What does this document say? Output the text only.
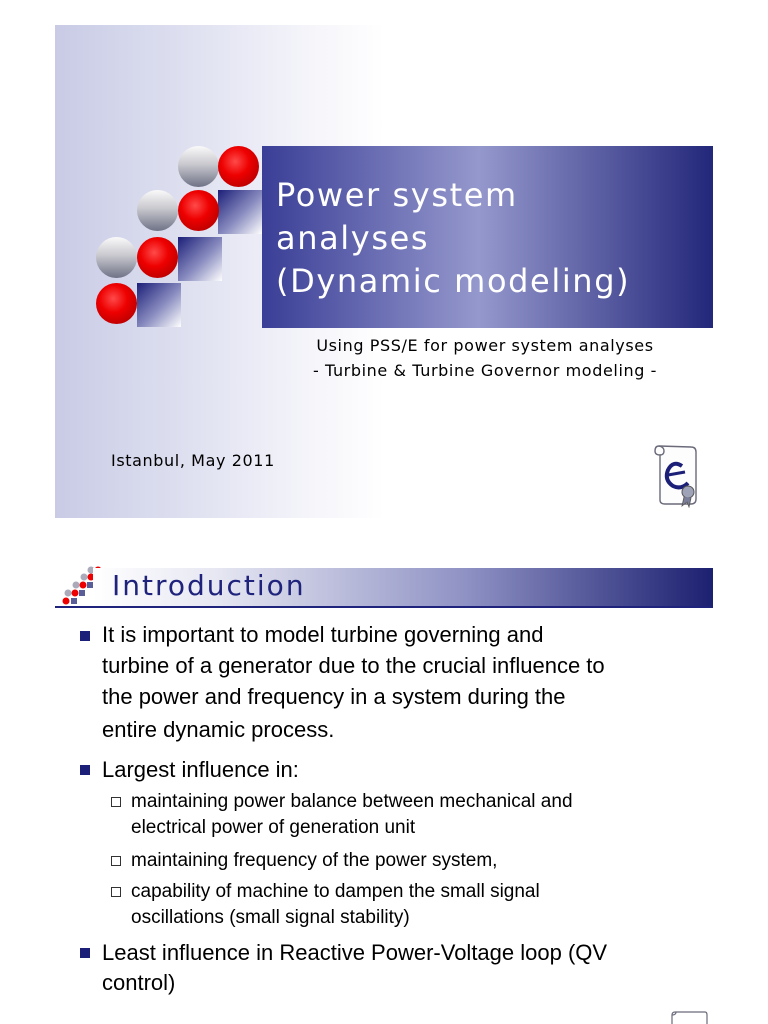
Power system
analyses
(Dynamic modeling)
Using PSS/E for power system analyses
- Turbine & Turbine Governor modeling -
Istanbul, May 2011
Introduction
It is important to model turbine governing and
turbine of a generator due to the crucial influence to
the power and frequency in a system during the
entire dynamic process.
Largest influence in:
maintaining power balance between mechanical and
electrical power of generation unit
maintaining frequency of the power system,
capability of machine to dampen the small signal
oscillations (small signal stability)
Least influence in Reactive Power-Voltage loop (QV
control)
